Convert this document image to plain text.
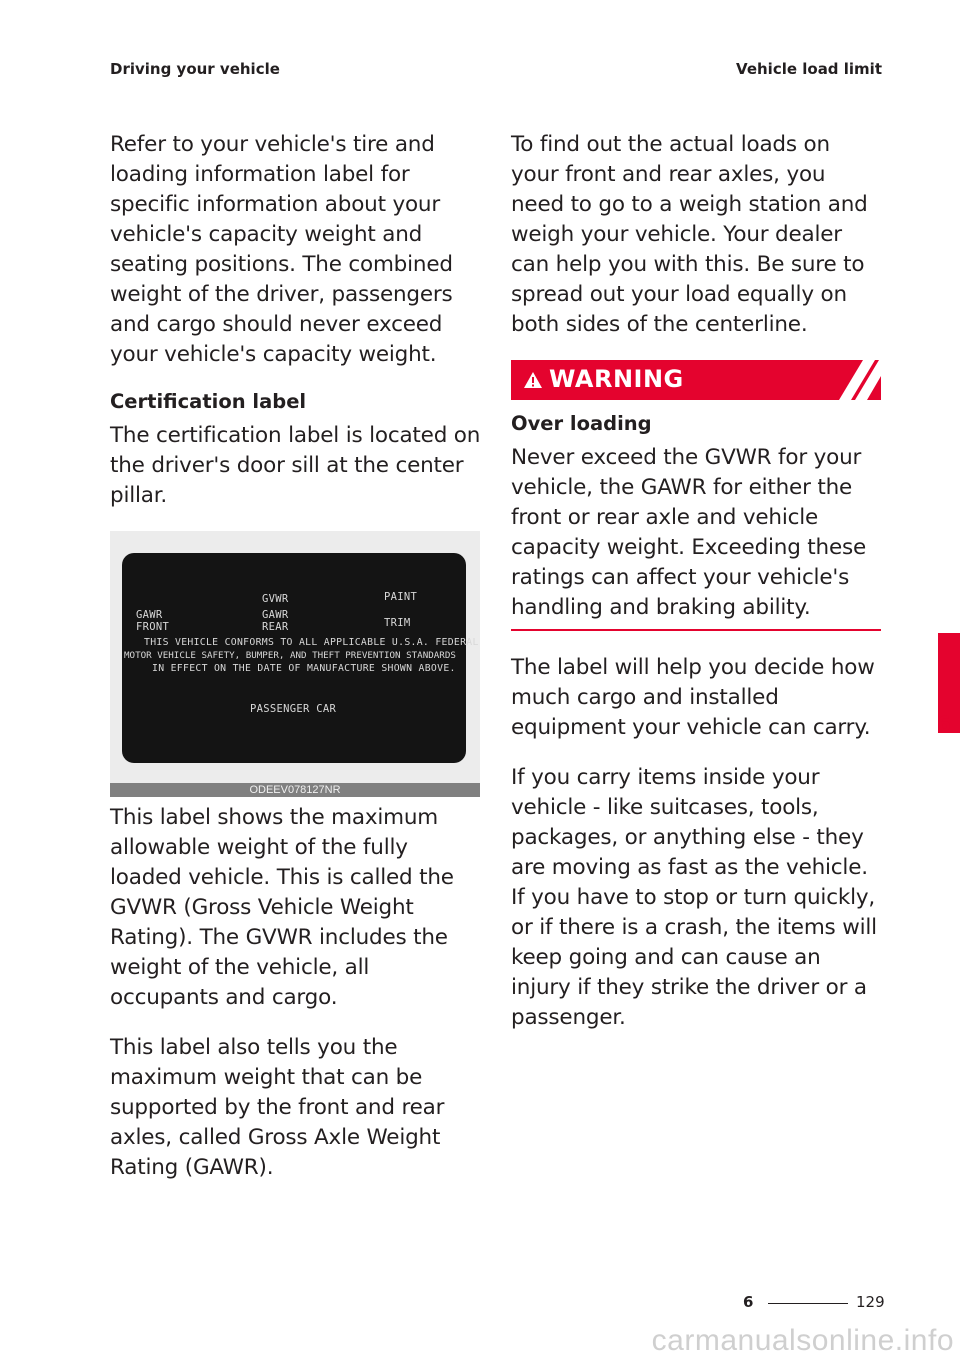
Driving your vehicle	Vehicle load limit

Refer to your vehicle's tire and loading information label for specific information about your vehicle's capacity weight and seating positions. The combined weight of the driver, passengers and cargo should never exceed your vehicle's capacity weight.

Certification label

The certification label is located on the driver's door sill at the center pillar.

GVWR	PAINT
GAWR
FRONT
GAWR
REAR	TRIM
THIS VEHICLE CONFORMS TO ALL APPLICABLE U.S.A. FEDERAL
MOTOR VEHICLE SAFETY, BUMPER, AND THEFT PREVENTION STANDARDS
IN EFFECT ON THE DATE OF MANUFACTURE SHOWN ABOVE.
PASSENGER CAR
ODEEV078127NR

This label shows the maximum allowable weight of the fully loaded vehicle. This is called the GVWR (Gross Vehicle Weight Rating). The GVWR includes the weight of the vehicle, all occupants and cargo.

This label also tells you the maximum weight that can be supported by the front and rear axles, called Gross Axle Weight Rating (GAWR).

To find out the actual loads on your front and rear axles, you need to go to a weigh station and weigh your vehicle. Your dealer can help you with this. Be sure to spread out your load equally on both sides of the centerline.

WARNING
Over loading

Never exceed the GVWR for your vehicle, the GAWR for either the front or rear axle and vehicle capacity weight. Exceeding these ratings can affect your vehicle's handling and braking ability.

The label will help you decide how much cargo and installed equipment your vehicle can carry.

If you carry items inside your vehicle - like suitcases, tools, packages, or anything else - they are moving as fast as the vehicle. If you have to stop or turn quickly, or if there is a crash, the items will keep going and can cause an injury if they strike the driver or a passenger.

6
6	129
carmanualsonline.info
